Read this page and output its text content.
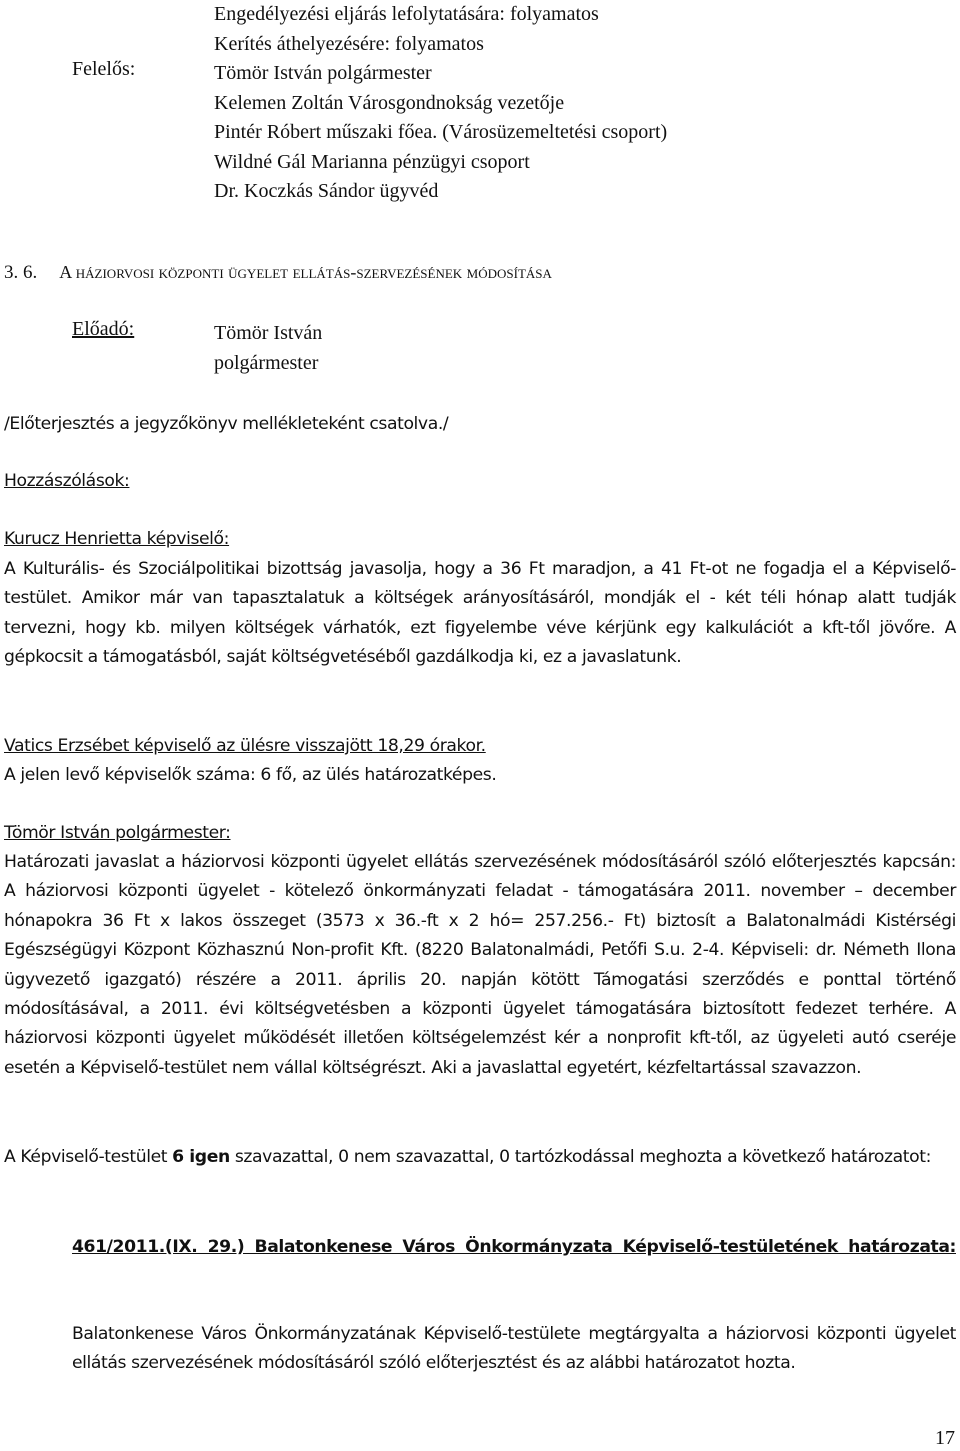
Felelős:
Engedélyezési eljárás lefolytatására: folyamatos
Kerítés áthelyezésére: folyamatos
Tömör István polgármester
Kelemen Zoltán Városgondnokság vezetője
Pintér Róbert műszaki főea. (Városüzemeltetési csoport)
Wildné Gál Marianna pénzügyi csoport
Dr. Koczkás Sándor ügyvéd
3. 6. A háziorvosi központi ügyelet ellátás-szervezésének módosítása
Előadó:	Tömör István
polgármester
/Előterjesztés a jegyzőkönyv mellékleteként csatolva./
Hozzászólások:
Kurucz Henrietta képviselő:
A Kulturális- és Szociálpolitikai bizottság javasolja, hogy a 36 Ft maradjon, a 41 Ft-ot ne fogadja el a Képviselő-testület. Amikor már van tapasztalatuk a költségek arányosításáról, mondják el - két téli hónap alatt tudják tervezni, hogy kb. milyen költségek várhatók, ezt figyelembe véve kérjünk egy kalkulációt a kft-től jövőre. A gépkocsit a támogatásból, saját költségvetéséből gazdálkodja ki, ez a javaslatunk.
Vatics Erzsébet képviselő az ülésre visszajött 18,29 órakor.
A jelen levő képviselők száma: 6 fő, az ülés határozatképes.
Tömör István polgármester:
Határozati javaslat a háziorvosi központi ügyelet ellátás szervezésének módosításáról szóló előterjesztés kapcsán: A háziorvosi központi ügyelet - kötelező önkormányzati feladat - támogatására 2011. november – december hónapokra 36 Ft x lakos összeget (3573 x 36.-ft x 2 hó= 257.256.- Ft) biztosít a Balatonalmádi Kistérségi Egészségügyi Központ Közhasznú Non-profit Kft. (8220 Balatonalmádi, Petőfi S.u. 2-4. Képviseli: dr. Németh Ilona ügyvezető igazgató) részére a 2011. április 20. napján kötött Támogatási szerződés e ponttal történő módosításával, a 2011. évi költségvetésben a központi ügyelet támogatására biztosított fedezet terhére. A háziorvosi központi ügyelet működését illetően költségelemzést kér a nonprofit kft-től, az ügyeleti autó cseréje esetén a Képviselő-testület nem vállal költségrészt. Aki a javaslattal egyetért, kézfeltartással szavazzon.
A Képviselő-testület 6 igen szavazattal, 0 nem szavazattal, 0 tartózkodással meghozta a következő határozatot:
461/2011.(IX. 29.) Balatonkenese Város Önkormányzata Képviselő-testületének határozata:
Balatonkenese Város Önkormányzatának Képviselő-testülete megtárgyalta a háziorvosi központi ügyelet ellátás szervezésének módosításáról szóló előterjesztést és az alábbi határozatot hozta.
17
